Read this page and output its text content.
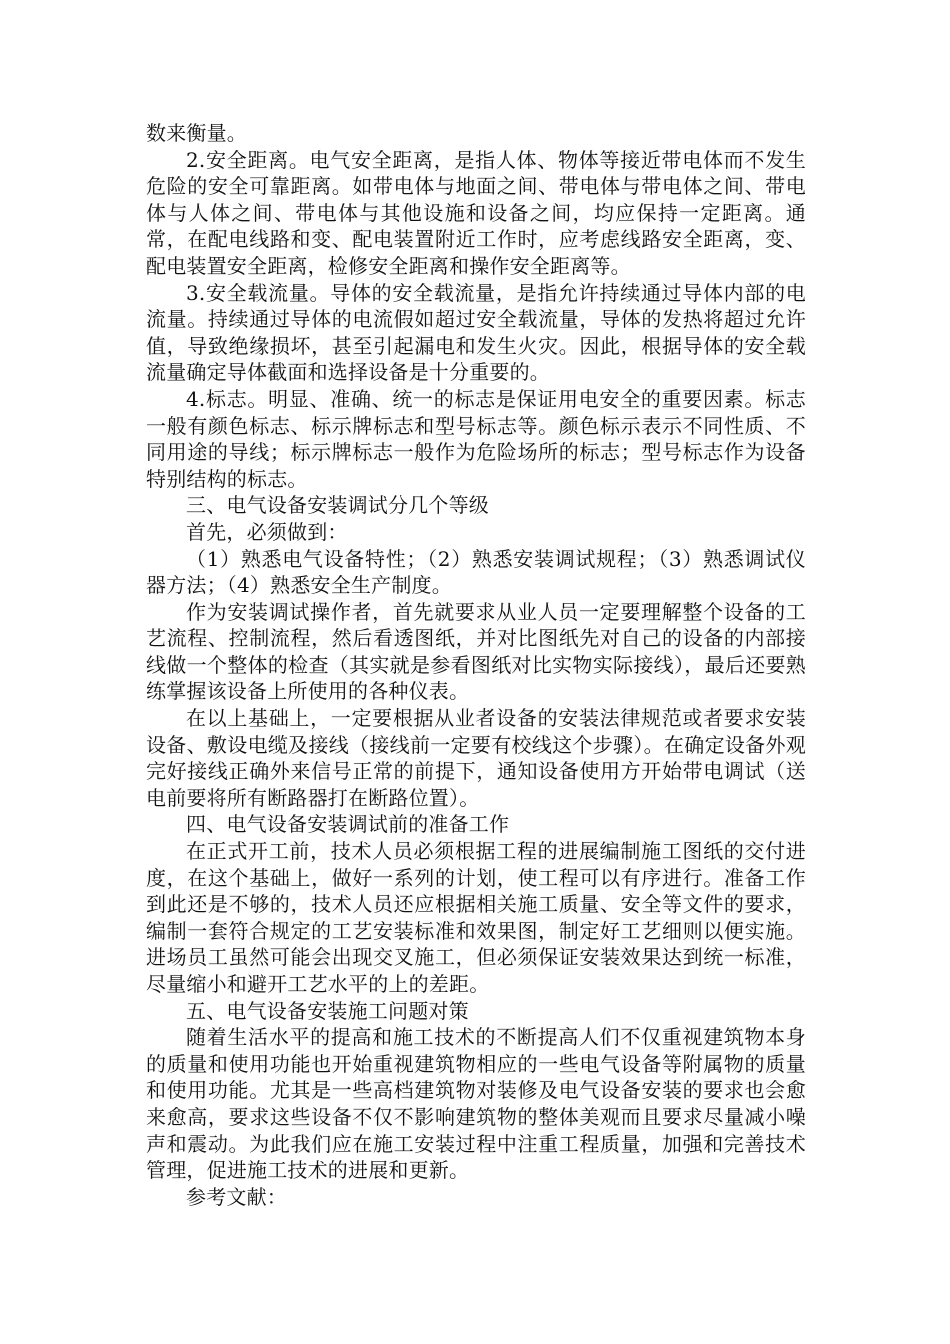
数来衡量。

2.安全距离。电气安全距离，是指人体、物体等接近带电体而不发生危险的安全可靠距离。如带电体与地面之间、带电体与带电体之间、带电体与人体之间、带电体与其他设施和设备之间，均应保持一定距离。通常，在配电线路和变、配电装置附近工作时，应考虑线路安全距离，变、配电装置安全距离，检修安全距离和操作安全距离等。

3.安全载流量。导体的安全载流量，是指允许持续通过导体内部的电流量。持续通过导体的电流假如超过安全载流量，导体的发热将超过允许值，导致绝缘损坏，甚至引起漏电和发生火灾。因此，根据导体的安全载流量确定导体截面和选择设备是十分重要的。

4.标志。明显、准确、统一的标志是保证用电安全的重要因素。标志一般有颜色标志、标示牌标志和型号标志等。颜色标示表示不同性质、不同用途的导线；标示牌标志一般作为危险场所的标志；型号标志作为设备特别结构的标志。

三、电气设备安装调试分几个等级

首先，必须做到：

（1）熟悉电气设备特性；（2）熟悉安装调试规程；（3）熟悉调试仪器方法；（4）熟悉安全生产制度。

作为安装调试操作者，首先就要求从业人员一定要理解整个设备的工艺流程、控制流程，然后看透图纸，并对比图纸先对自己的设备的内部接线做一个整体的检查（其实就是参看图纸对比实物实际接线），最后还要熟练掌握该设备上所使用的各种仪表。

在以上基础上，一定要根据从业者设备的安装法律规范或者要求安装设备、敷设电缆及接线（接线前一定要有校线这个步骤）。在确定设备外观完好接线正确外来信号正常的前提下，通知设备使用方开始带电调试（送电前要将所有断路器打在断路位置）。

四、电气设备安装调试前的准备工作

在正式开工前，技术人员必须根据工程的进展编制施工图纸的交付进度，在这个基础上，做好一系列的计划，使工程可以有序进行。准备工作到此还是不够的，技术人员还应根据相关施工质量、安全等文件的要求，编制一套符合规定的工艺安装标准和效果图，制定好工艺细则以便实施。进场员工虽然可能会出现交叉施工，但必须保证安装效果达到统一标准，尽量缩小和避开工艺水平的上的差距。

五、电气设备安装施工问题对策

随着生活水平的提高和施工技术的不断提高人们不仅重视建筑物本身的质量和使用功能也开始重视建筑物相应的一些电气设备等附属物的质量和使用功能。尤其是一些高档建筑物对装修及电气设备安装的要求也会愈来愈高，要求这些设备不仅不影响建筑物的整体美观而且要求尽量减小噪声和震动。为此我们应在施工安装过程中注重工程质量，加强和完善技术管理，促进施工技术的进展和更新。

参考文献：
